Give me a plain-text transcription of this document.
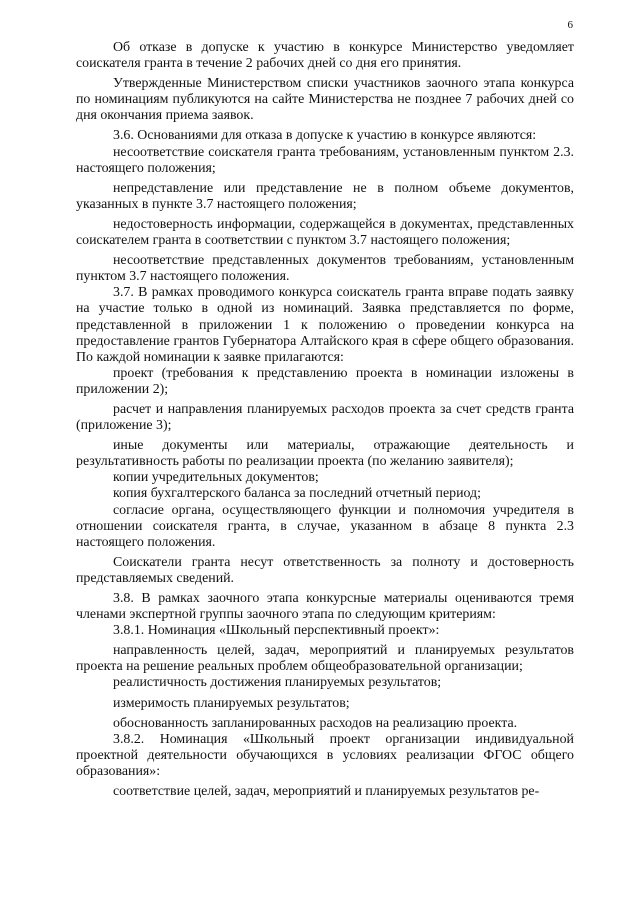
6

Об отказе в допуске к участию в конкурсе Министерство уведомляет соискателя гранта в течение 2 рабочих дней со дня его принятия.

Утвержденные Министерством списки участников заочного этапа конкурса по номинациям публикуются на сайте Министерства не позднее 7 рабочих дней со дня окончания приема заявок.

3.6. Основаниями для отказа в допуске к участию в конкурсе являются:

несоответствие соискателя гранта требованиям, установленным пунктом 2.3. настоящего положения;

непредставление или представление не в полном объеме документов, указанных в пункте 3.7 настоящего положения;

недостоверность информации, содержащейся в документах, представленных соискателем гранта в соответствии с пунктом 3.7 настоящего положения;

несоответствие представленных документов требованиям, установленным пунктом 3.7 настоящего положения.

3.7. В рамках проводимого конкурса соискатель гранта вправе подать заявку на участие только в одной из номинаций. Заявка представляется по форме, представленной в приложении 1 к положению о проведении конкурса на предоставление грантов Губернатора Алтайского края в сфере общего образования. По каждой номинации к заявке прилагаются:

проект (требования к представлению проекта в номинации изложены в приложении 2);

расчет и направления планируемых расходов проекта за счет средств гранта (приложение 3);

иные документы или материалы, отражающие деятельность и результативность работы по реализации проекта (по желанию заявителя);

копии учредительных документов;

копия бухгалтерского баланса за последний отчетный период;

согласие органа, осуществляющего функции и полномочия учредителя в отношении соискателя гранта, в случае, указанном в абзаце 8 пункта 2.3 настоящего положения.

Соискатели гранта несут ответственность за полноту и достоверность представляемых сведений.

3.8. В рамках заочного этапа конкурсные материалы оцениваются тремя членами экспертной группы заочного этапа по следующим критериям:

3.8.1. Номинация «Школьный перспективный проект»:

направленность целей, задач, мероприятий и планируемых результатов проекта на решение реальных проблем общеобразовательной организации;

реалистичность достижения планируемых результатов;

измеримость планируемых результатов;

обоснованность запланированных расходов на реализацию проекта.

3.8.2. Номинация «Школьный проект организации индивидуальной проектной деятельности обучающихся в условиях реализации ФГОС общего образования»:

соответствие целей, задач, мероприятий и планируемых результатов ре-
